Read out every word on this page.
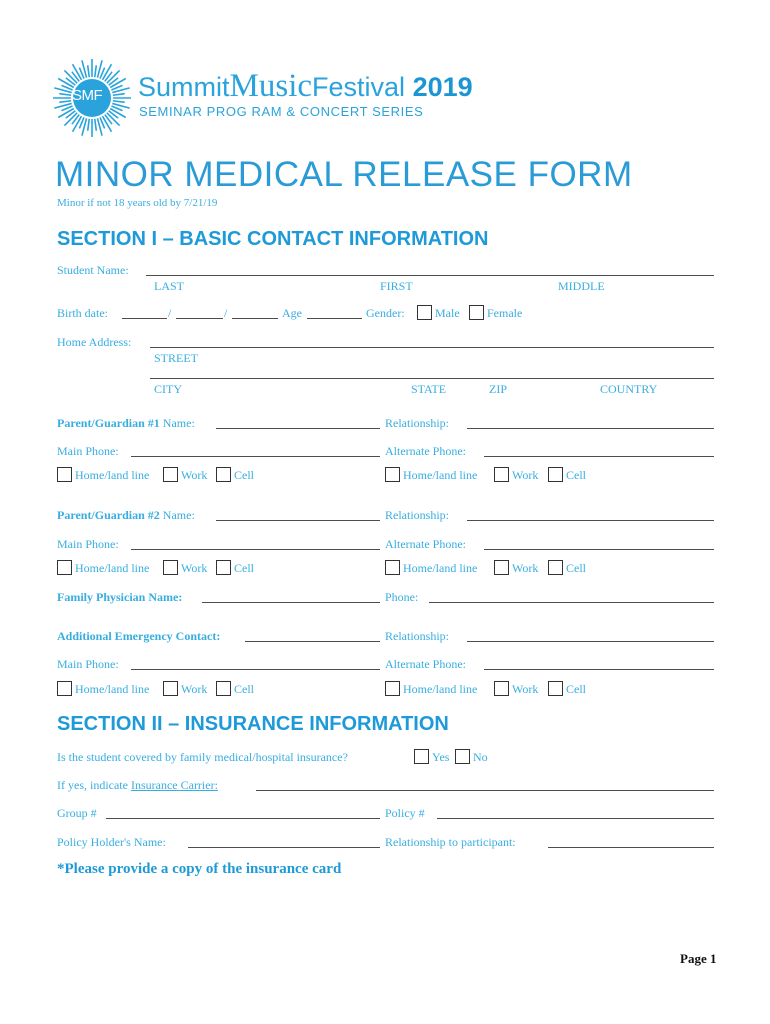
SMF SummitMusicFestival 2019
SEMINAR PROG RAM & CONCERT SERIES
MINOR MEDICAL RELEASE FORM
Minor if not 18 years old by 7/21/19
SECTION I – BASIC CONTACT INFORMATION
Student Name:
LAST	FIRST	MIDDLE
Birth date:	/	/	Age	Gender:	Male Female
Home Address:
STREET
CITY	STATE	ZIP	COUNTRY
Parent/Guardian #1 Name:	Relationship:
Main Phone:	Alternate Phone:
Home/land line	Work Cell	Home/land line	Work Cell
Parent/Guardian #2 Name:	Relationship:
Main Phone:	Alternate Phone:
Home/land line	Work Cell	Home/land line	Work Cell
Family Physician Name:	Phone:
Additional Emergency Contact:	Relationship:
Main Phone:	Alternate Phone:
Home/land line	Work Cell	Home/land line	Work Cell
SECTION II – INSURANCE INFORMATION
Is the student covered by family medical/hospital insurance?	Yes No
If yes, indicate Insurance Carrier:
Group #	Policy #
Policy Holder's Name:	Relationship to participant:
*Please provide a copy of the insurance card
Page 1
